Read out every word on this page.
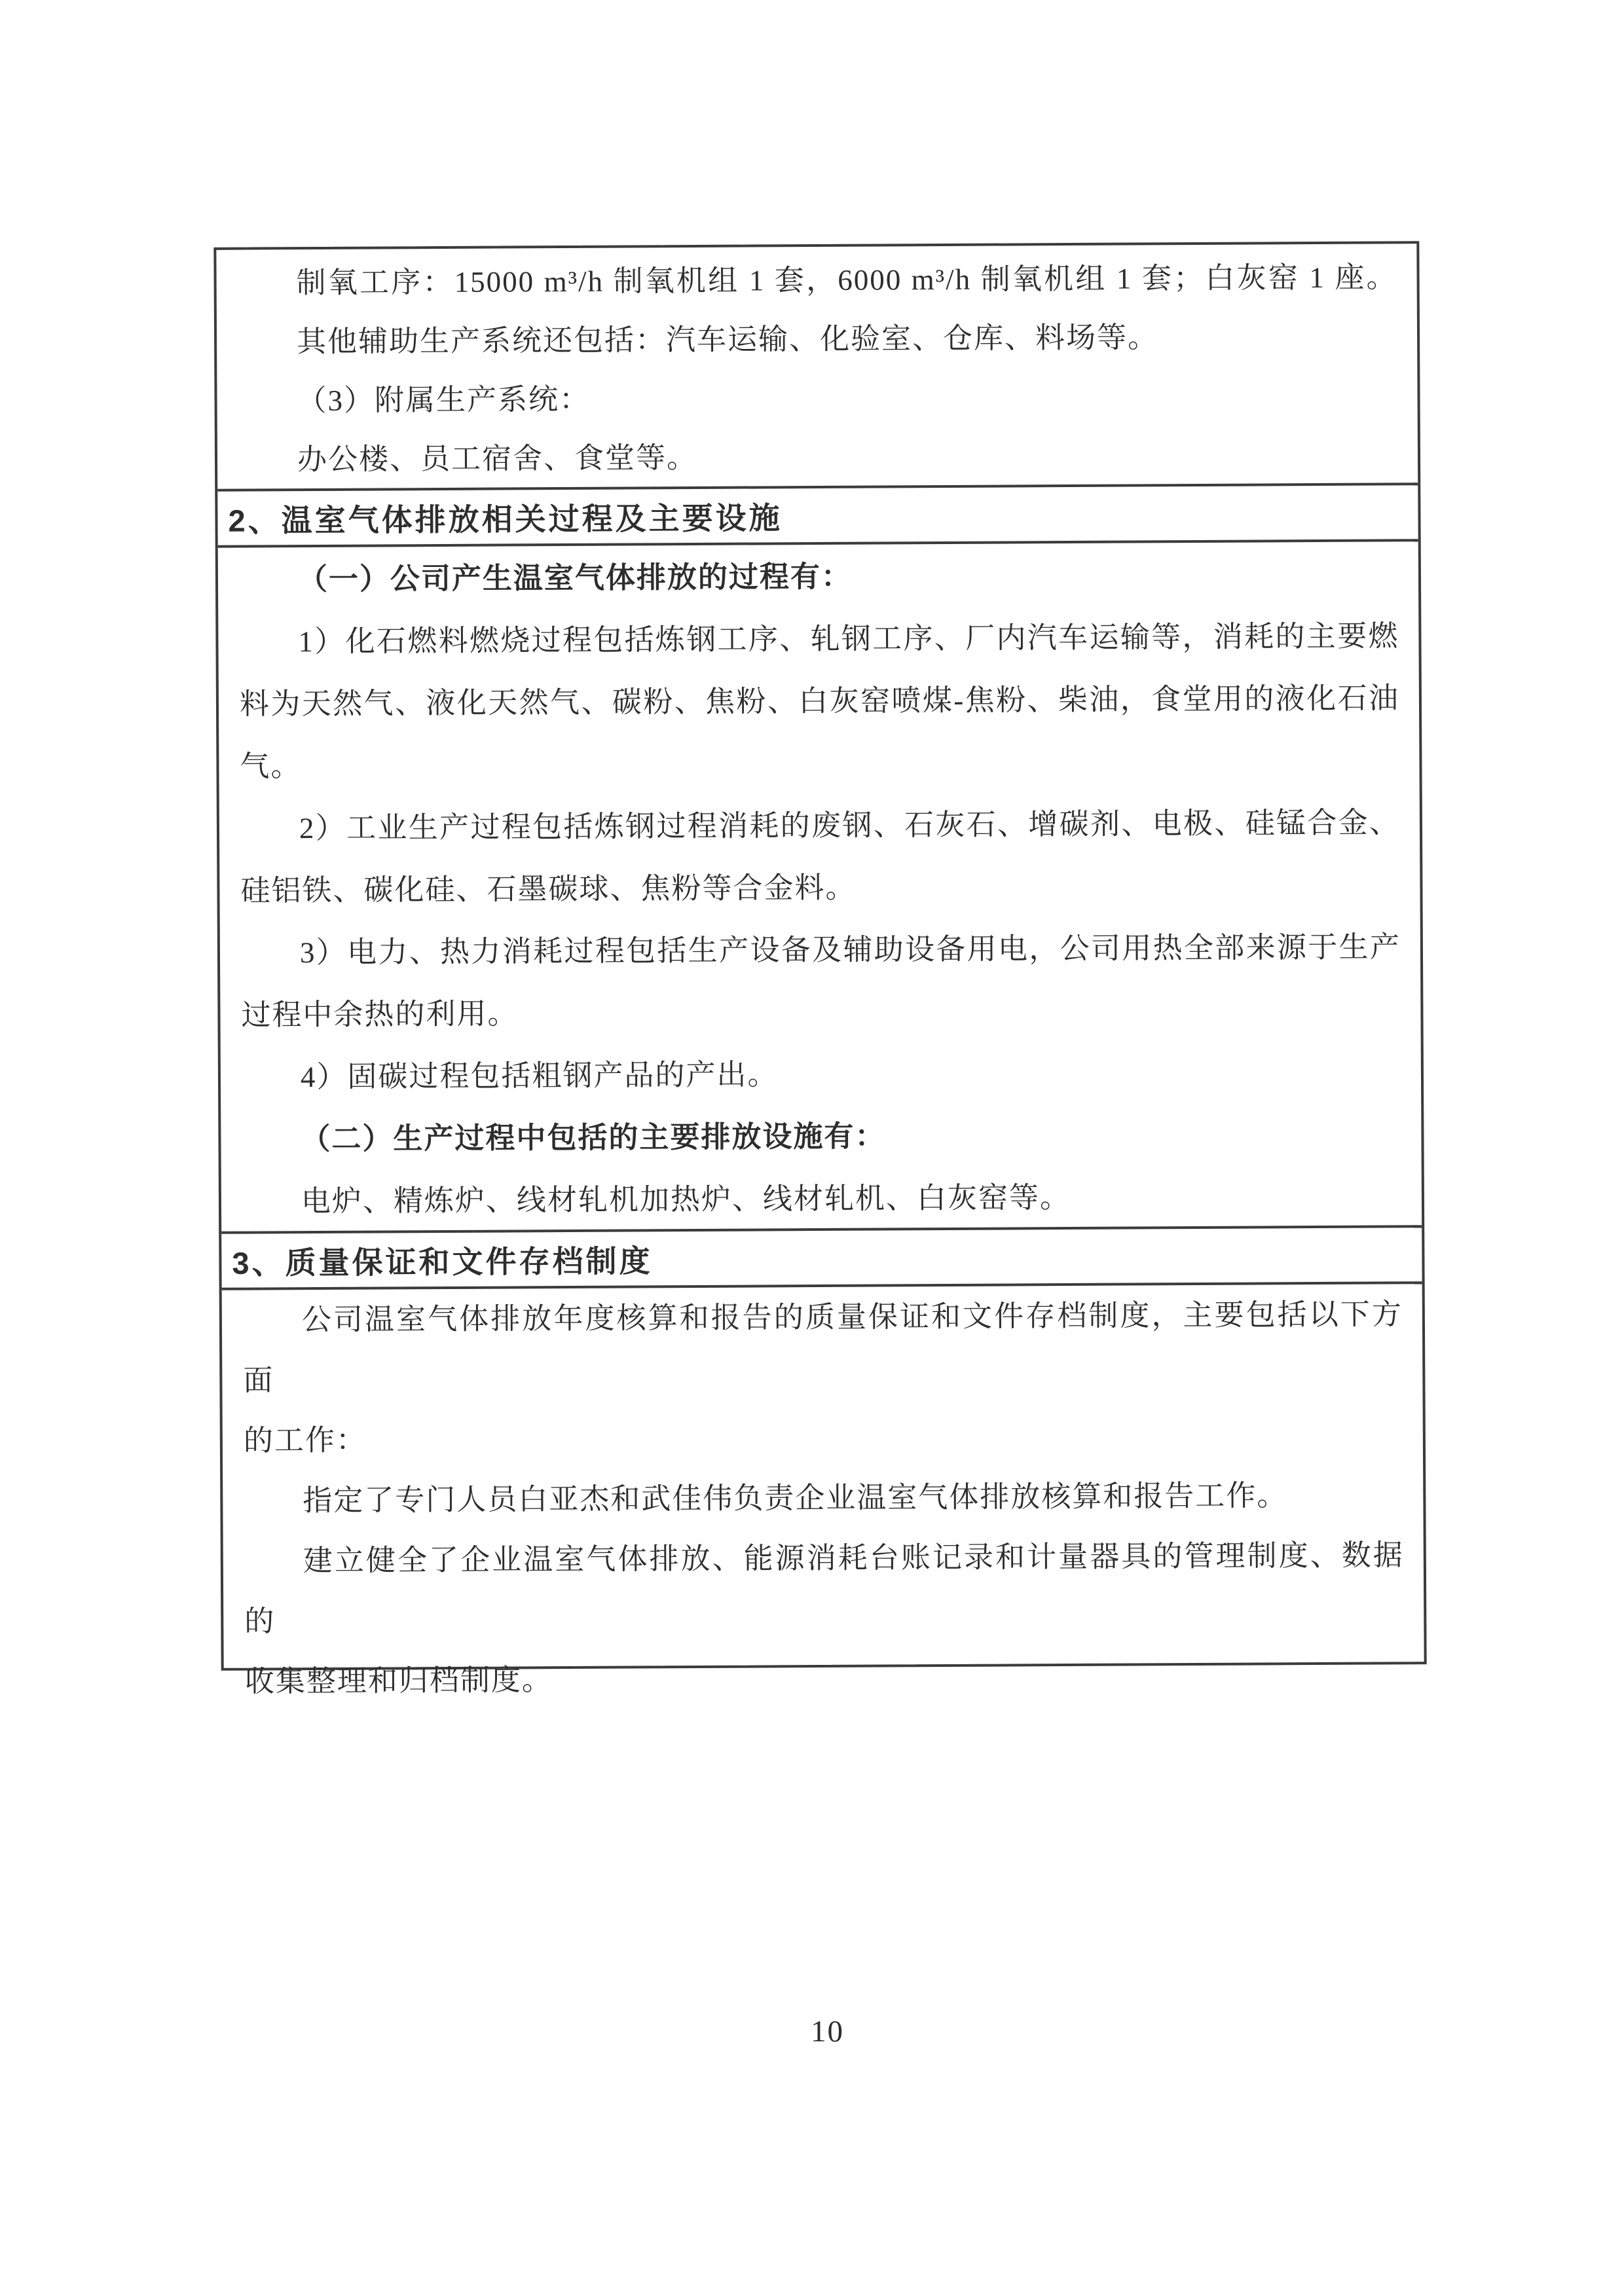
制氧工序：15000 m³/h 制氧机组 1 套，6000 m³/h 制氧机组 1 套；白灰窑 1 座。
其他辅助生产系统还包括：汽车运输、化验室、仓库、料场等。
（3）附属生产系统：
办公楼、员工宿舍、食堂等。
2、温室气体排放相关过程及主要设施
（一）公司产生温室气体排放的过程有：
1）化石燃料燃烧过程包括炼钢工序、轧钢工序、厂内汽车运输等，消耗的主要燃
料为天然气、液化天然气、碳粉、焦粉、白灰窑喷煤-焦粉、柴油，食堂用的液化石油
气。
2）工业生产过程包括炼钢过程消耗的废钢、石灰石、增碳剂、电极、硅锰合金、
硅铝铁、碳化硅、石墨碳球、焦粉等合金料。
3）电力、热力消耗过程包括生产设备及辅助设备用电，公司用热全部来源于生产
过程中余热的利用。
4）固碳过程包括粗钢产品的产出。
（二）生产过程中包括的主要排放设施有：
电炉、精炼炉、线材轧机加热炉、线材轧机、白灰窑等。
3、质量保证和文件存档制度
公司温室气体排放年度核算和报告的质量保证和文件存档制度，主要包括以下方面
的工作：
指定了专门人员白亚杰和武佳伟负责企业温室气体排放核算和报告工作。
建立健全了企业温室气体排放、能源消耗台账记录和计量器具的管理制度、数据的
收集整理和归档制度。
10
